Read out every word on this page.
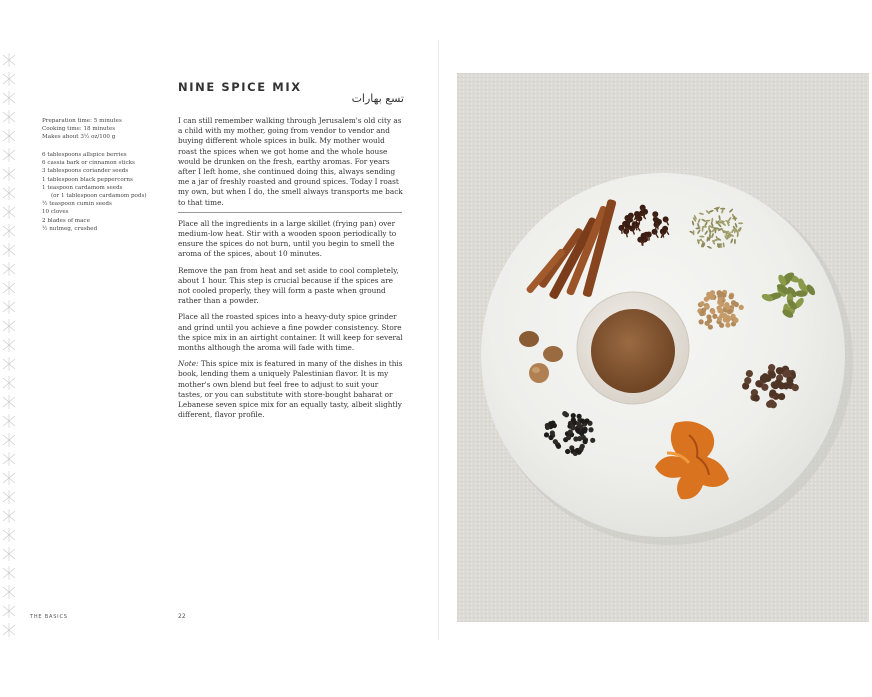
NINE SPICE MIX
تسع بهارات
Preparation time: 5 minutes
Cooking time: 18 minutes
Makes about 3½ oz/100 g
6 tablespoons allspice berries
6 cassia bark or cinnamon sticks
3 tablespoons coriander seeds
1 tablespoon black peppercorns
1 teaspoon cardamom seeds
(or 1 tablespoon cardamom pods)
½ teaspoon cumin seeds
10 cloves
2 blades of mace
½ nutmeg, crushed

I can still remember walking through Jerusalem's old city as a child with my mother, going from vendor to vendor and buying different whole spices in bulk. My mother would roast the spices when we got home and the whole house would be drunken on the fresh, earthy aromas. For years after I left home, she continued doing this, always sending me a jar of freshly roasted and ground spices. Today I roast my own, but when I do, the smell always transports me back to that time.

Place all the ingredients in a large skillet (frying pan) over medium-low heat. Stir with a wooden spoon periodically to ensure the spices do not burn, until you begin to smell the aroma of the spices, about 10 minutes.

Remove the pan from heat and set aside to cool completely, about 1 hour. This step is crucial because if the spices are not cooled properly, they will form a paste when ground rather than a powder.

Place all the roasted spices into a heavy-duty spice grinder and grind until you achieve a fine powder consistency. Store the spice mix in an airtight container. It will keep for several months although the aroma will fade with time.

Note: This spice mix is featured in many of the dishes in this book, lending them a uniquely Palestinian flavor. It is my mother's own blend but feel free to adjust to suit your tastes, or you can substitute with store-bought baharat or Lebanese seven spice mix for an equally tasty, albeit slightly different, flavor profile.

THE BASICS	22
